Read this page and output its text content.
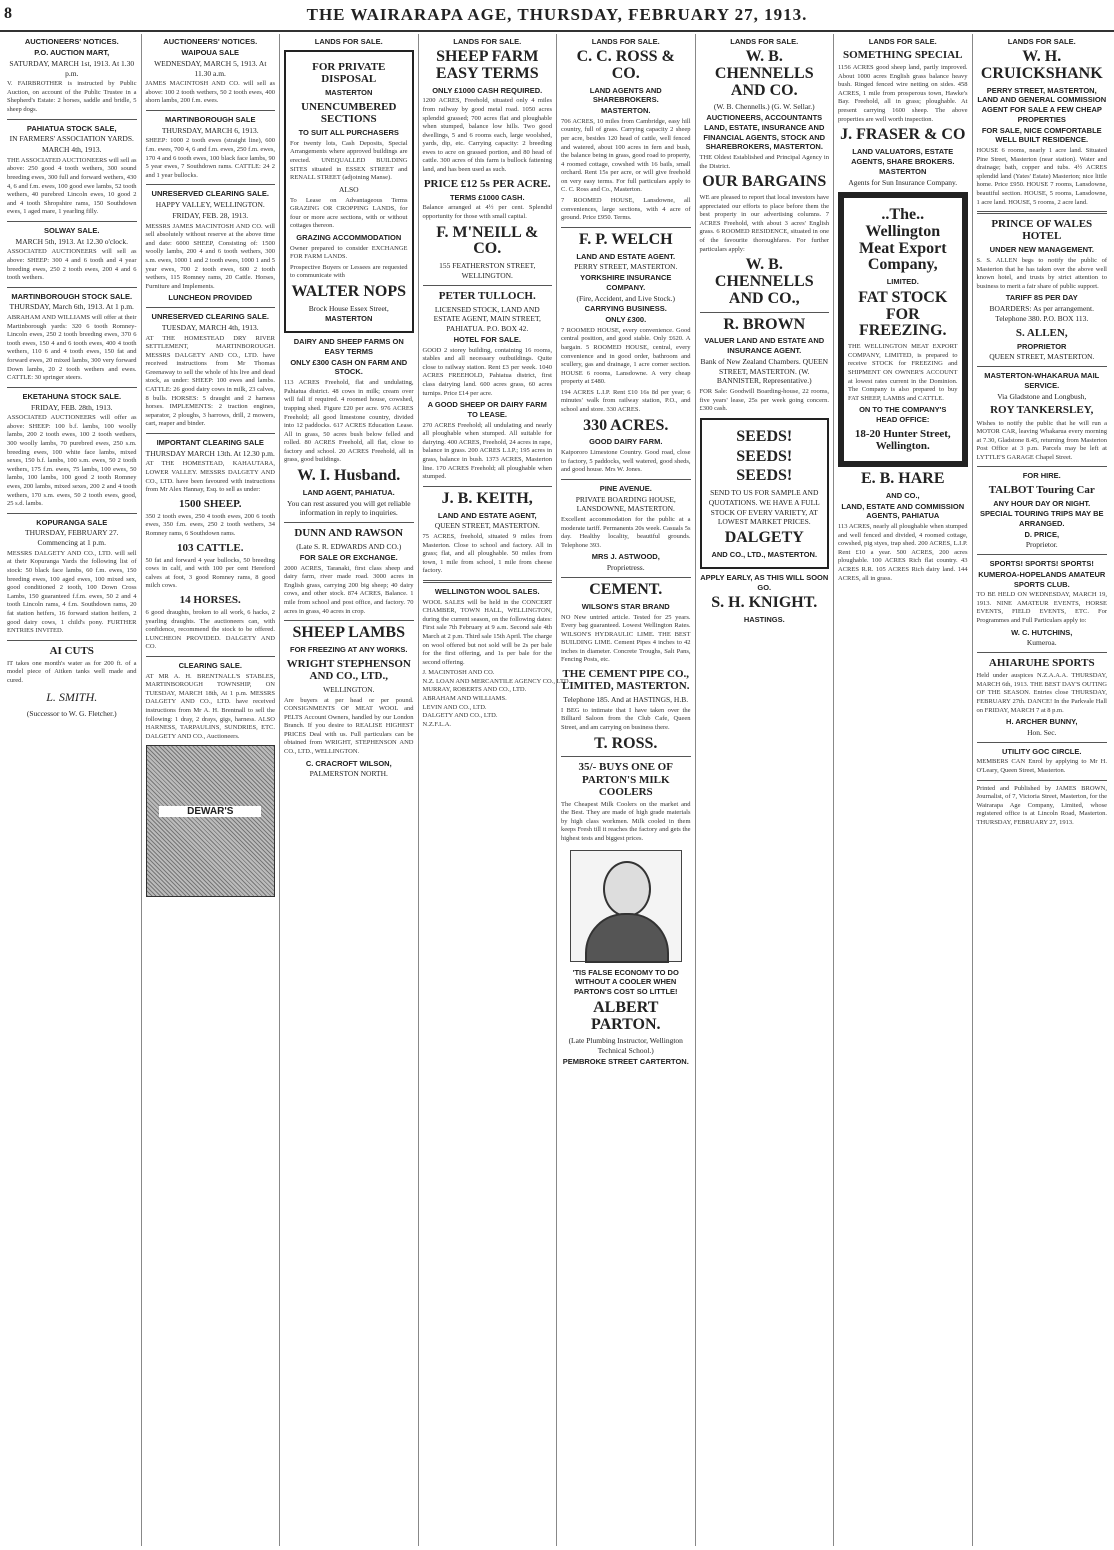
8	THE WAIRARAPA AGE, THURSDAY, FEBRUARY 27, 1913.
AUCTIONEERS' NOTICES.
P.O. AUCTION MART,
SATURDAY, MARCH 1st, 1913. At 1.30 p.m.
V. FAIRBROTHER is instructed by Public Auction, on account of the Public Trustee in a Shepherd's Estate: 2 horses, saddle and bridle, 5 sheep dogs.
PAHIATUA STOCK SALE,
IN FARMERS' ASSOCIATION YARDS.
MARCH 4th, 1913.
THE ASSOCIATED AUCTIONEERS will sell as above: 250 good 4 tooth wethers, 300 sound breeding ewes, 300 full and forward wethers, 430 4, 6 and f.m. ewes, 100 good ewe lambs, 52 tooth wethers, 40 purebred Lincoln ewes, 10 good 2 and 4 tooth Shropshire rams, 150 Southdown ewes, 1 aged mare, 1 yearling filly.
SOLWAY SALE.
MARCH 5th, 1913. At 12.30 o'clock.
ASSOCIATED AUCTIONEERS will sell as above: SHEEP: 300 4 and 6 tooth and 4 year breeding ewes, 250 2 tooth ewes, 200 4 and 6 tooth wethers.
MARTINBOROUGH STOCK SALE.
THURSDAY, March 6th, 1913. At 1 p.m.
ABRAHAM AND WILLIAMS will offer at their Martinborough yards: 320 6 tooth Romney-Lincoln ewes, 250 2 tooth breeding ewes, 370 6 tooth ewes, 150 4 and 6 tooth ewes, 400 4 tooth wethers, 110 6 and 4 tooth ewes, 150 fat and forward ewes, 20 mixed lambs, 300 very forward Down lambs, 20 2 tooth wethers and ewes. CATTLE: 30 springer steers.
EKETAHUNA STOCK SALE.
FRIDAY, FEB. 28th, 1913.
ASSOCIATED AUCTIONEERS will offer as above: SHEEP: 100 b.f. lambs, 100 woolly lambs, 200 2 tooth ewes, 100 2 tooth wethers, 300 woolly lambs, 70 purebred ewes, 250 s.m. breeding ewes, 100 white face lambs, mixed sexes, 150 b.f. lambs, 100 s.m. ewes, 50 2 tooth wethers, 175 f.m. ewes, 75 lambs, 100 ewes, 50 lambs, 100 lambs, 100 good 2 tooth Romney ewes, 200 lambs, mixed sexes, 200 2 and 4 tooth wethers, 170 s.m. ewes, 50 2 tooth ewes, good, 25 s.d. lambs.
KOPURANGA SALE
THURSDAY, FEBRUARY 27. Commencing at 1 p.m.
MESSRS DALGETY AND CO., LTD. will sell at their Kopuranga Yards the following list of stock: 50 black face lambs, 60 f.m. ewes, 150 breeding ewes, 100 aged ewes, 100 mixed sex, good conditioned 2 tooth, 100 Down Cross Lambs, 150 guaranteed f.f.m. ewes, 50 2 and 4 tooth Lincoln rams, 4 f.m. Southdown rams, 20 fat station heifers, 16 forward station heifers, 2 good dairy cows, 1 child's pony. FURTHER ENTRIES INVITED.
AI CUTS
IT takes one month's water as for 200 ft. of a model piece of Aitken tanks well made and cured.
L. SMITH.
(Successor to W. G. Fletcher.)
AUCTIONEERS' NOTICES.
WAIPOUA SALE
WEDNESDAY, MARCH 5, 1913. At 11.30 a.m.
JAMES MACINTOSH AND CO. will sell as above: 100 2 tooth wethers, 50 2 tooth ewes, 400 shorn lambs, 200 f.m. ewes.
MARTINBOROUGH SALE
THURSDAY, MARCH 6, 1913.
SHEEP: 1000 2 tooth ewes (straight line), 600 f.m. ewes, 700 4, 6 and f.m. ewes, 250 f.m. ewes, 170 4 and 6 tooth ewes, 100 black face lambs, 90 5 year ewes, 7 Southdown rams. CATTLE: 24 2 and 1 year bullocks.
UNRESERVED CLEARING SALE.
HAPPY VALLEY, WELLINGTON.
FRIDAY, FEB. 28, 1913.
MESSRS JAMES MACINTOSH AND CO. will sell absolutely without reserve at the above time and date: 6000 SHEEP, Consisting of: 1500 woolly lambs, 200 4 and 6 tooth wethers, 300 s.m. ewes, 1000 1 and 2 tooth ewes, 1000 1 and 5 year ewes, 700 2 tooth ewes, 600 2 tooth wethers, 115 Romney rams, 20 Cattle. Horses, Furniture and Implements.
LUNCHEON PROVIDED
UNRESERVED CLEARING SALE.
TUESDAY, MARCH 4th, 1913.
AT THE HOMESTEAD DRY RIVER SETTLEMENT, MARTINBOROUGH. MESSRS DALGETY AND CO., LTD. have received instructions from Mr Thomas Greenaway to sell the whole of his live and dead stock, as under: SHEEP: 100 ewes and lambs. CATTLE: 26 good dairy cows in milk, 23 calves, 8 bulls. HORSES: 5 draught and 2 harness horses. IMPLEMENTS: 2 traction engines, separator, 2 ploughs, 3 harrows, drill, 2 mowers, cart, reaper and binder.
IMPORTANT CLEARING SALE
THURSDAY MARCH 13th. At 12.30 p.m.
AT THE HOMESTEAD, KAHAUTARA, LOWER VALLEY. MESSRS DALGETY AND CO., LTD. have been favoured with instructions from Mr Alex Hannay, Esq. to sell as under:
1500 SHEEP.
350 2 tooth ewes, 250 4 tooth ewes, 200 6 tooth ewes, 350 f.m. ewes, 250 2 tooth wethers, 34 Romney rams, 6 Southdown rams.
103 CATTLE.
50 fat and forward 4 year bullocks, 50 breeding cows in calf, and with 100 per cent Hereford calves at foot, 3 good Romney rams, 8 good milch cows.
14 HORSES.
6 good draughts, broken to all work, 6 hacks, 2 yearling draughts. The auctioneers can, with confidence, recommend the stock to be offered. LUNCHEON PROVIDED. DALGETY AND CO.
CLEARING SALE.
AT MR A. H. BRENTNALL'S STABLES, MARTINBOROUGH TOWNSHIP, ON TUESDAY, MARCH 18th, At 1 p.m. MESSRS DALGETY AND CO., LTD. have received instructions from Mr A. H. Brentnall to sell the following: 1 dray, 2 drays, gigs, harness. ALSO HARNESS, TARPAULINS, SUNDRIES, ETC. DALGETY AND CO., Auctioneers.
DEWAR'S
LANDS FOR SALE.
FOR PRIVATE DISPOSAL
MASTERTON
UNENCUMBERED SECTIONS
TO SUIT ALL PURCHASERS
For twenty lots, Cash Deposits, Special Arrangements where approved buildings are erected. UNEQUALLED BUILDING SITES situated in ESSEX STREET and RENALL STREET (adjoining Manse).
ALSO
To Lease on Advantageous Terms GRAZING OR CROPPING LANDS, for four or more acre sections, with or without cottages thereon.
GRAZING ACCOMMODATION
Owner prepared to consider EXCHANGE FOR FARM LANDS.
Prospective Buyers or Lessees are requested to communicate with
WALTER NOPS
Brock House Essex Street,
MASTERTON
DAIRY AND SHEEP FARMS ON EASY TERMS
ONLY £300 CASH ON FARM AND STOCK.
113 ACRES Freehold, flat and undulating, Pahiatua district. 48 cows in milk; cream over will fall if required. 4 roomed house, cowshed, trapping shed. Figure £20 per acre. 976 ACRES Freehold; all good limestone country, divided into 12 paddocks. 617 ACRES Education Lease. All in grass, 50 acres bush below felled and rolled. 80 ACRES Freehold, all flat, close to factory and school. 20 ACRES Freehold, all in grass, good buildings.
W. I. Husband.
LAND AGENT, PAHIATUA.
You can rest assured you will get reliable information in reply to inquiries.
DUNN AND RAWSON
(Late S. R. EDWARDS AND CO.)
FOR SALE OR EXCHANGE.
2000 ACRES, Taranaki, first class sheep and dairy farm, river made road. 3000 acres in English grass, carrying 200 big sheep; 40 dairy cows, and other stock. 874 ACRES, Balance. 1 mile from school and post office, and factory. 70 acres in grass, 40 acres in crop.
SHEEP LAMBS
FOR FREEZING AT ANY WORKS.
WRIGHT STEPHENSON AND CO., LTD.,
WELLINGTON.
Are buyers at per head or per pound. CONSIGNMENTS OF MEAT WOOL and PELTS Account Owners, handled by our London Branch. If you desire to REALISE HIGHEST PRICES Deal with us. Full particulars can be obtained from WRIGHT, STEPHENSON AND CO., LTD., WELLINGTON.
C. CRACROFT WILSON,
PALMERSTON NORTH.
LANDS FOR SALE.
SHEEP FARM EASY TERMS
ONLY £1000 CASH REQUIRED.
1200 ACRES, Freehold, situated only 4 miles from railway by good metal road. 1050 acres splendid grassed; 700 acres flat and ploughable when stumped, balance low hills. Two good dwellings, 5 and 6 rooms each, large woolshed, yards, dip, etc. Carrying capacity: 2 breeding ewes to acre on grassed portion, and 80 head of cattle. 300 acres of this farm is bullock fattening land, and has been used as such.
PRICE £12 5s PER ACRE.
TERMS £1000 CASH.
Balance arranged at 4½ per cent. Splendid opportunity for those with small capital.
F. M'NEILL & CO.
155 FEATHERSTON STREET, WELLINGTON.
PETER TULLOCH.
LICENSED STOCK, LAND AND ESTATE AGENT, MAIN STREET, PAHIATUA. P.O. BOX 42.
HOTEL FOR SALE.
GOOD 2 storey building, containing 16 rooms, stables and all necessary outbuildings. Quite close to railway station. Rent £3 per week. 1040 ACRES FREEHOLD, Pahiatua district, first class dairying land. 600 acres grass, 60 acres turnips. Price £14 per acre.
A GOOD SHEEP OR DAIRY FARM TO LEASE.
270 ACRES Freehold; all undulating and nearly all ploughable when stumped. All suitable for dairying. 400 ACRES, Freehold, 24 acres in rape, balance in grass. 200 ACRES L.I.P.; 195 acres in grass, balance in bush. 1373 ACRES, Masterton line. 170 ACRES Freehold; all ploughable when stumped.
J. B. KEITH,
LAND AND ESTATE AGENT,
QUEEN STREET, MASTERTON.
75 ACRES, freehold, situated 9 miles from Masterton. Close to school and factory. All in grass; flat, and all ploughable. 50 miles from town, 1 mile from school, 1 mile from cheese factory.
WELLINGTON WOOL SALES.
WOOL SALES will be held in the CONCERT CHAMBER, TOWN HALL, WELLINGTON, during the current season, on the following dates: First sale 7th February at 9 a.m. Second sale 4th March at 2 p.m. Third sale 15th April. The charge on wool offered but not sold will be 2s per bale for the first offering, and 1s per bale for the second offering.
J. MACINTOSH AND CO.
N.Z. LOAN AND MERCANTILE AGENCY CO., LTD.
MURRAY, ROBERTS AND CO., LTD.
ABRAHAM AND WILLIAMS.
LEVIN AND CO., LTD.
DALGETY AND CO., LTD.
N.Z.F.L.A.
LANDS FOR SALE.
C. C. ROSS & CO.
LAND AGENTS AND SHAREBROKERS.
MASTERTON.
706 ACRES, 10 miles from Cambridge, easy hill country, full of grass. Carrying capacity 2 sheep per acre, besides 120 head of cattle, well fenced and watered, about 100 acres in fern and bush, the balance being in grass, good road to property, 4 roomed cottage, cowshed with 16 bails, small orchard. Rent 15s per acre, or will give freehold on very easy terms. For full particulars apply to C. C. Ross and Co., Masterton.
7 ROOMED HOUSE, Lansdowne, all conveniences, large sections, with 4 acre of ground. Price £950. Terms.
F. P. WELCH
LAND AND ESTATE AGENT.
PERRY STREET, MASTERTON.
YORKSHIRE INSURANCE COMPANY.
(Fire, Accident, and Live Stock.)
CARRYING BUSINESS.
ONLY £300.
7 ROOMED HOUSE, every convenience. Good central position, and good stable. Only £620. A bargain. 5 ROOMED HOUSE, central, every convenience and in good order, bathroom and scullery, gas and drainage, 1 acre corner section. HOUSE 6 rooms, Lansdowne. A very cheap property at £480.
194 ACRES L.I.P. Rent £10 16s 8d per year; 6 minutes' walk from railway station, P.O., and school and store. 330 ACRES.
330 ACRES.
GOOD DAIRY FARM.
Kaipororo Limestone Country. Good road, close to factory, 5 paddocks, well watered, good sheds, and good house. Mrs W. Jones.
PINE AVENUE.
PRIVATE BOARDING HOUSE, LANSDOWNE, MASTERTON.
Excellent accommodation for the public at a moderate tariff. Permanents 20s week. Casuals 5s day. Healthy locality, beautiful grounds. Telephone 393.
MRS J. ASTWOOD,
Proprietress.
CEMENT.
WILSON'S STAR BRAND
NO New untried article. Tested for 25 years. Every bag guaranteed. Lowest Wellington Rates. WILSON'S HYDRAULIC LIME. THE BEST BUILDING LIME. Cement Pipes 4 inches to 42 inches in diameter. Concrete Troughs, Salt Pans, Fencing Posts, etc.
THE CEMENT PIPE CO., LIMITED, MASTERTON.
Telephone 185. And at HASTINGS, H.B.
I BEG to intimate that I have taken over the Billiard Saloon from the Club Cafe, Queen Street, and am carrying on business there.
T. ROSS.
35/- BUYS ONE OF PARTON'S MILK COOLERS
The Cheapest Milk Coolers on the market and the Best. They are made of high grade materials by high class workmen. Milk cooled in them keeps Fresh till it reaches the factory and gets the highest tests and biggest prices.
'TIS FALSE ECONOMY TO DO WITHOUT A COOLER WHEN PARTON'S COST SO LITTLE!
ALBERT PARTON.
(Late Plumbing Instructor, Wellington Technical School.)
PEMBROKE STREET CARTERTON.
LANDS FOR SALE.
W. B. CHENNELLS AND CO.
(W. B. Chennells.) (G. W. Sellar.)
AUCTIONEERS, ACCOUNTANTS LAND, ESTATE, INSURANCE AND FINANCIAL AGENTS, STOCK AND SHAREBROKERS, MASTERTON.
THE Oldest Established and Principal Agency in the District.
OUR BARGAINS
WE are pleased to report that local investors have appreciated our efforts to place before them the best property in our advertising columns. 7 ACRES Freehold, with about 3 acres' English grass. 6 ROOMED RESIDENCE, situated in one of the favourite thoroughfares. For further particulars apply:
W. B. CHENNELLS AND CO.,
R. BROWN
VALUER LAND AND ESTATE AND INSURANCE AGENT.
Bank of New Zealand Chambers. QUEEN STREET, MASTERTON. (W. BANNISTER, Representative.)
FOR Sale: Goodwill Boarding-house, 22 rooms, five years' lease, 25s per week going concern. £300 cash.
SEEDS!
SEEDS!
SEEDS!
SEND TO US FOR SAMPLE AND QUOTATIONS. WE HAVE A FULL STOCK OF EVERY VARIETY, AT LOWEST MARKET PRICES.
DALGETY
AND CO., LTD., MASTERTON.
APPLY EARLY, AS THIS WILL SOON GO.
S. H. KNIGHT.
HASTINGS.
LANDS FOR SALE.
SOMETHING SPECIAL
1156 ACRES good sheep land, partly improved. About 1000 acres English grass balance heavy bush. Ringed fenced wire netting on sides. 458 ACRES, 1 mile from prosperous town, Hawke's Bay. Freehold, all in grass; ploughable. At present carrying 1600 sheep. The above properties are well worth inspection.
J. FRASER & CO
LAND VALUATORS, ESTATE AGENTS, SHARE BROKERS.
MASTERTON
Agents for Sun Insurance Company.
..The.. Wellington Meat Export Company,
LIMITED.
FAT STOCK FOR FREEZING.
THE WELLINGTON MEAT EXPORT COMPANY, LIMITED, is prepared to receive STOCK for FREEZING and SHIPMENT ON OWNER'S ACCOUNT at lowest rates current in the Dominion. The Company is also prepared to buy FAT SHEEP, LAMBS and CATTLE.
ON TO THE COMPANY'S HEAD OFFICE:
18-20 Hunter Street, Wellington.
E. B. HARE
AND CO.,
LAND, ESTATE AND COMMISSION AGENTS, PAHIATUA
113 ACRES, nearly all ploughable when stumped and well fenced and divided, 4 roomed cottage, cowshed, pig styes, trap shed. 200 ACRES, L.I.P. Rent £10 a year. 500 ACRES, 200 acres ploughable. 100 ACRES Rich flat country. 43 ACRES R.R. 105 ACRES Rich dairy land. 144 ACRES, all in grass.
LANDS FOR SALE.
W. H. CRUICKSHANK
PERRY STREET, MASTERTON, LAND AND GENERAL COMMISSION AGENT FOR SALE A FEW CHEAP PROPERTIES
FOR SALE, NICE COMFORTABLE WELL BUILT RESIDENCE.
HOUSE 6 rooms, nearly 1 acre land. Situated Pine Street, Masterton (near station). Water and drainage; bath, copper and tubs. 4½ ACRES splendid land (Yates' Estate) Masterton; nice little home. Price £950. HOUSE 7 rooms, Lansdowne, beautiful section. HOUSE, 5 rooms, Lansdowne, 1 acre land. HOUSE, 5 rooms, 2 acre land.
PRINCE OF WALES HOTEL
UNDER NEW MANAGEMENT.
S. S. ALLEN begs to notify the public of Masterton that he has taken over the above well known hotel, and trusts by strict attention to business to merit a fair share of public support.
TARIFF 8S PER DAY
BOARDERS: As per arrangement. Telephone 380. P.O. BOX 113.
S. ALLEN,
PROPRIETOR
QUEEN STREET, MASTERTON.
MASTERTON-WHAKARUA MAIL SERVICE.
Via Gladstone and Longbush,
ROY TANKERSLEY,
Wishes to notify the public that he will run a MOTOR CAR, leaving Whakarua every morning at 7.30, Gladstone 8.45, returning from Masterton Post Office at 3 p.m. Parcels may be left at LYTTLE'S GARAGE Chapel Street.
FOR HIRE.
TALBOT Touring Car
ANY HOUR DAY OR NIGHT. SPECIAL TOURING TRIPS MAY BE ARRANGED.
D. PRICE,
Proprietor.
SPORTS! SPORTS! SPORTS!
KUMEROA-HOPELANDS AMATEUR SPORTS CLUB.
TO BE HELD ON WEDNESDAY, MARCH 19, 1913. NINE AMATEUR EVENTS, HORSE EVENTS, FIELD EVENTS, ETC. For Programmes and Full Particulars apply to:
W. C. HUTCHINS,
Kumeroa.
AHIARUHE SPORTS
Held under auspices N.Z.A.A.A. THURSDAY, MARCH 6th, 1913. THE BEST DAY'S OUTING OF THE SEASON. Entries close THURSDAY, FEBRUARY 27th. DANCE! In the Parkvale Hall on FRIDAY, MARCH 7 at 8 p.m.
H. ARCHER BUNNY,
Hon. Sec.
UTILITY GOC CIRCLE.
MEMBERS CAN Enrol by applying to Mr H. O'Leary, Queen Street, Masterton.
Printed and Published by JAMES BROWN, Journalist, of 7, Victoria Street, Masterton, for the Wairarapa Age Company, Limited, whose registered office is at Lincoln Road, Masterton. THURSDAY, FEBRUARY 27, 1913.
